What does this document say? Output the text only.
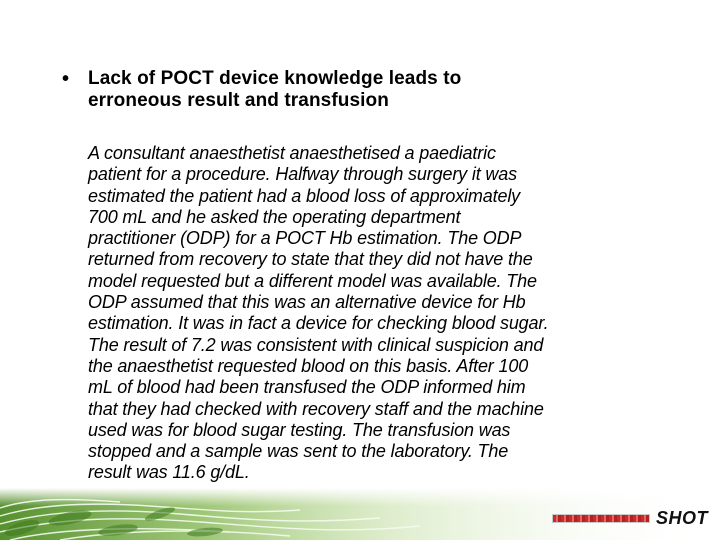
• Lack of POCT device knowledge leads to
erroneous result and transfusion
A consultant anaesthetist anaesthetised a paediatric
patient for a procedure. Halfway through surgery it was
estimated the patient had a blood loss of approximately
700 mL and he asked the operating department
practitioner (ODP) for a POCT Hb estimation. The ODP
returned from recovery to state that they did not have the
model requested but a different model was available. The
ODP assumed that this was an alternative device for Hb
estimation. It was in fact a device for checking blood sugar.
The result of 7.2 was consistent with clinical suspicion and
the anaesthetist requested blood on this basis. After 100
mL of blood had been transfused the ODP informed him
that they had checked with recovery staff and the machine
used was for blood sugar testing. The transfusion was
stopped and a sample was sent to the laboratory. The
result was 11.6 g/dL.
SHOT
